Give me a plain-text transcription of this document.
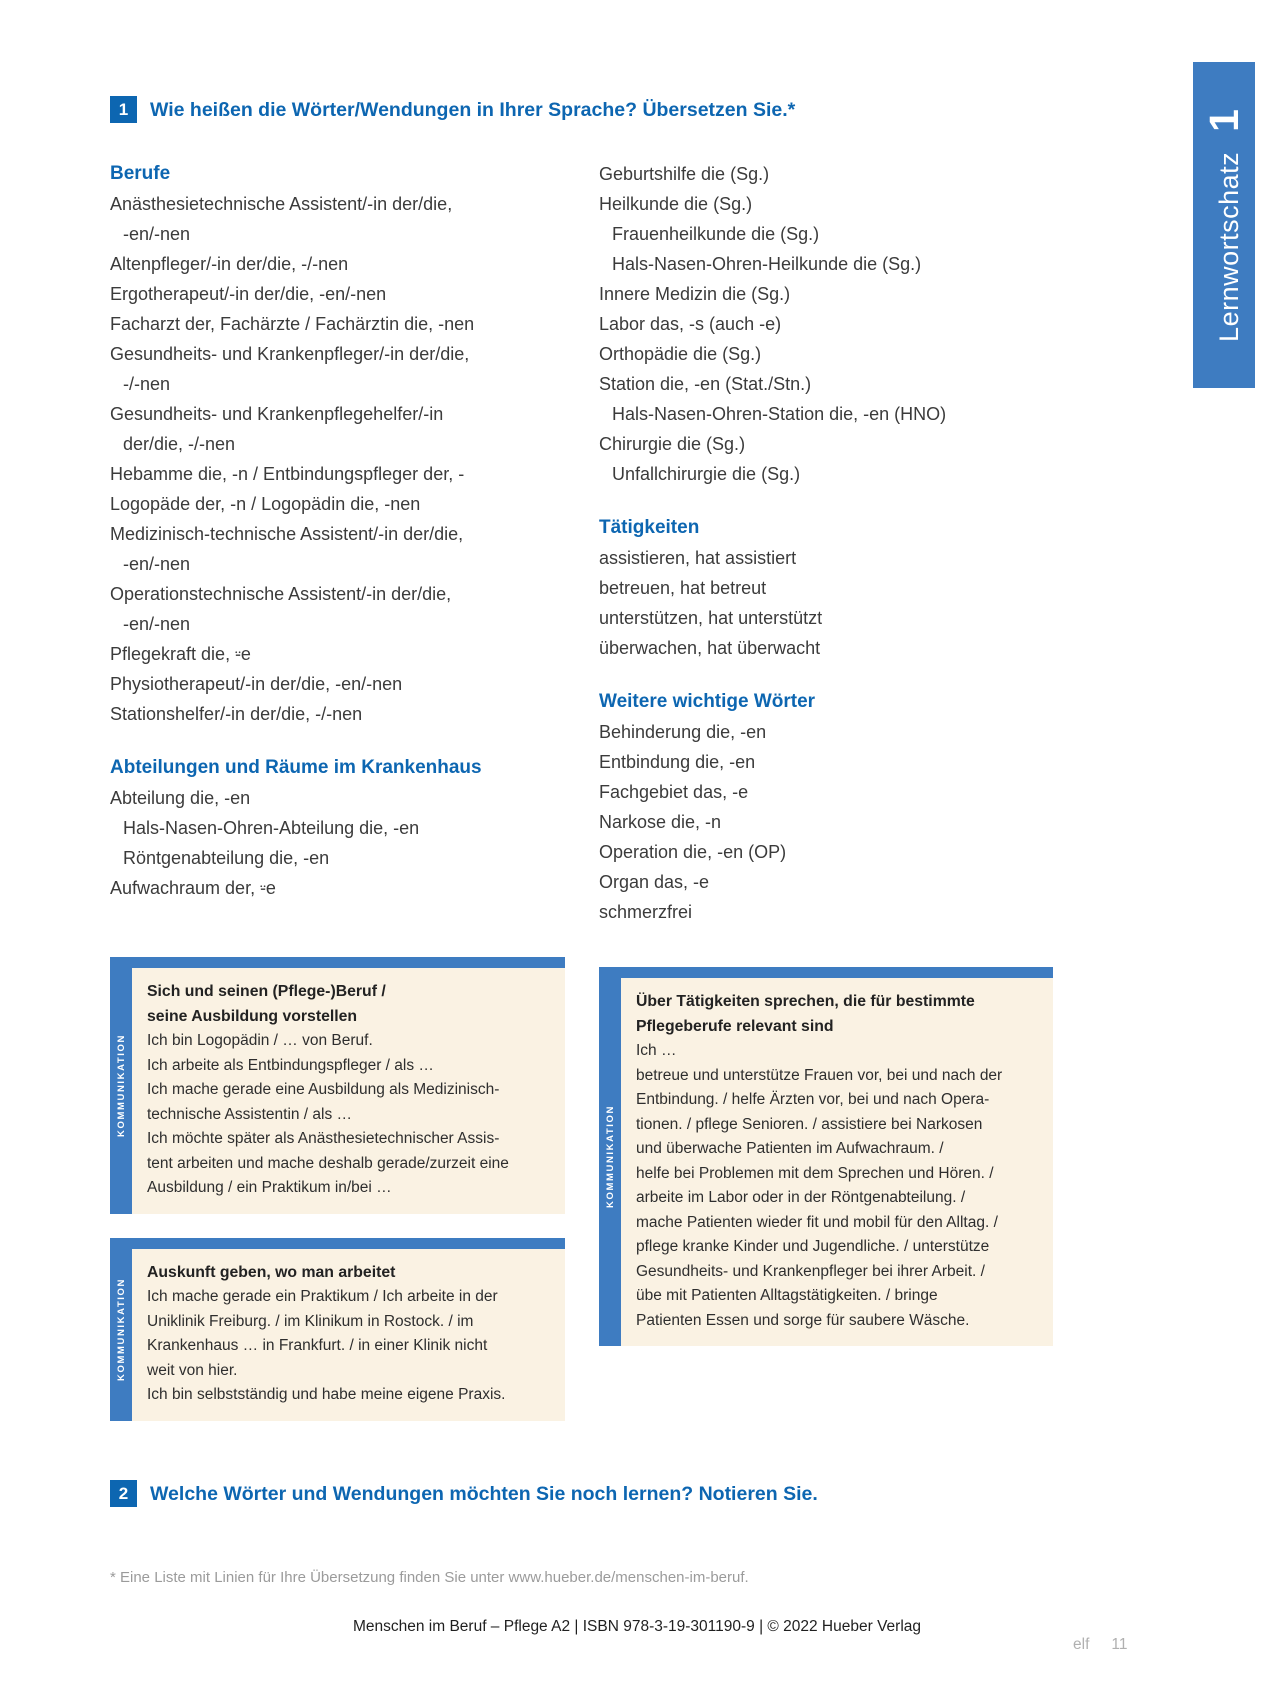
Lernwortschatz
1
1	Wie heißen die Wörter/Wendungen in Ihrer Sprache? Übersetzen Sie.*
Berufe
Anästhesietechnische Assistent/-in der/die,
-en/-nen
Altenpfleger/-in der/die, -/-nen
Ergotherapeut/-in der/die, -en/-nen
Facharzt der, Fachärzte / Fachärztin die, -nen
Gesundheits- und Krankenpfleger/-in der/die,
-/-nen
Gesundheits- und Krankenpflegehelfer/-in
der/die, -/-nen
Hebamme die, -n / Entbindungspfleger der, -
Logopäde der, -n / Logopädin die, -nen
Medizinisch-technische Assistent/-in der/die,
-en/-nen
Operationstechnische Assistent/-in der/die,
-en/-nen
Pflegekraft die, ⸚e
Physiotherapeut/-in der/die, -en/-nen
Stationshelfer/-in der/die, -/-nen
Abteilungen und Räume im Krankenhaus
Abteilung die, -en
Hals-Nasen-Ohren-Abteilung die, -en
Röntgenabteilung die, -en
Aufwachraum der, ⸚e
KOMMUNIKATION
Sich und seinen (Pflege-)Beruf /
seine Ausbildung vorstellen
Ich bin Logopädin / … von Beruf.
Ich arbeite als Entbindungspfleger / als …
Ich mache gerade eine Ausbildung als Medizinisch-
technische Assistentin / als …
Ich möchte später als Anästhesietechnischer Assis-
tent arbeiten und mache deshalb gerade/zurzeit eine
Ausbildung / ein Praktikum in/bei …
KOMMUNIKATION
Auskunft geben, wo man arbeitet
Ich mache gerade ein Praktikum / Ich arbeite in der
Uniklinik Freiburg. / im Klinikum in Rostock. / im
Krankenhaus … in Frankfurt. / in einer Klinik nicht
weit von hier.
Ich bin selbstständig und habe meine eigene Praxis.
Geburtshilfe die (Sg.)
Heilkunde die (Sg.)
Frauenheilkunde die (Sg.)
Hals-Nasen-Ohren-Heilkunde die (Sg.)
Innere Medizin die (Sg.)
Labor das, -s (auch -e)
Orthopädie die (Sg.)
Station die, -en (Stat./Stn.)
Hals-Nasen-Ohren-Station die, -en (HNO)
Chirurgie die (Sg.)
Unfallchirurgie die (Sg.)
Tätigkeiten
assistieren, hat assistiert
betreuen, hat betreut
unterstützen, hat unterstützt
überwachen, hat überwacht
Weitere wichtige Wörter
Behinderung die, -en
Entbindung die, -en
Fachgebiet das, -e
Narkose die, -n
Operation die, -en (OP)
Organ das, -e
schmerzfrei
KOMMUNIKATION
Über Tätigkeiten sprechen, die für bestimmte
Pflegeberufe relevant sind
Ich …
betreue und unterstütze Frauen vor, bei und nach der
Entbindung. / helfe Ärzten vor, bei und nach Opera-
tionen. / pflege Senioren. / assistiere bei Narkosen
und überwache Patienten im Aufwachraum. /
helfe bei Problemen mit dem Sprechen und Hören. /
arbeite im Labor oder in der Röntgenabteilung. /
mache Patienten wieder fit und mobil für den Alltag. /
pflege kranke Kinder und Jugendliche. / unterstütze
Gesundheits- und Krankenpfleger bei ihrer Arbeit. /
übe mit Patienten Alltagstätigkeiten. / bringe
Patienten Essen und sorge für saubere Wäsche.
2	Welche Wörter und Wendungen möchten Sie noch lernen? Notieren Sie.
* Eine Liste mit Linien für Ihre Übersetzung finden Sie unter www.hueber.de/menschen-im-beruf.
Menschen im Beruf – Pflege A2 | ISBN 978-3-19-301190-9 | © 2022 Hueber Verlag
elf 11
